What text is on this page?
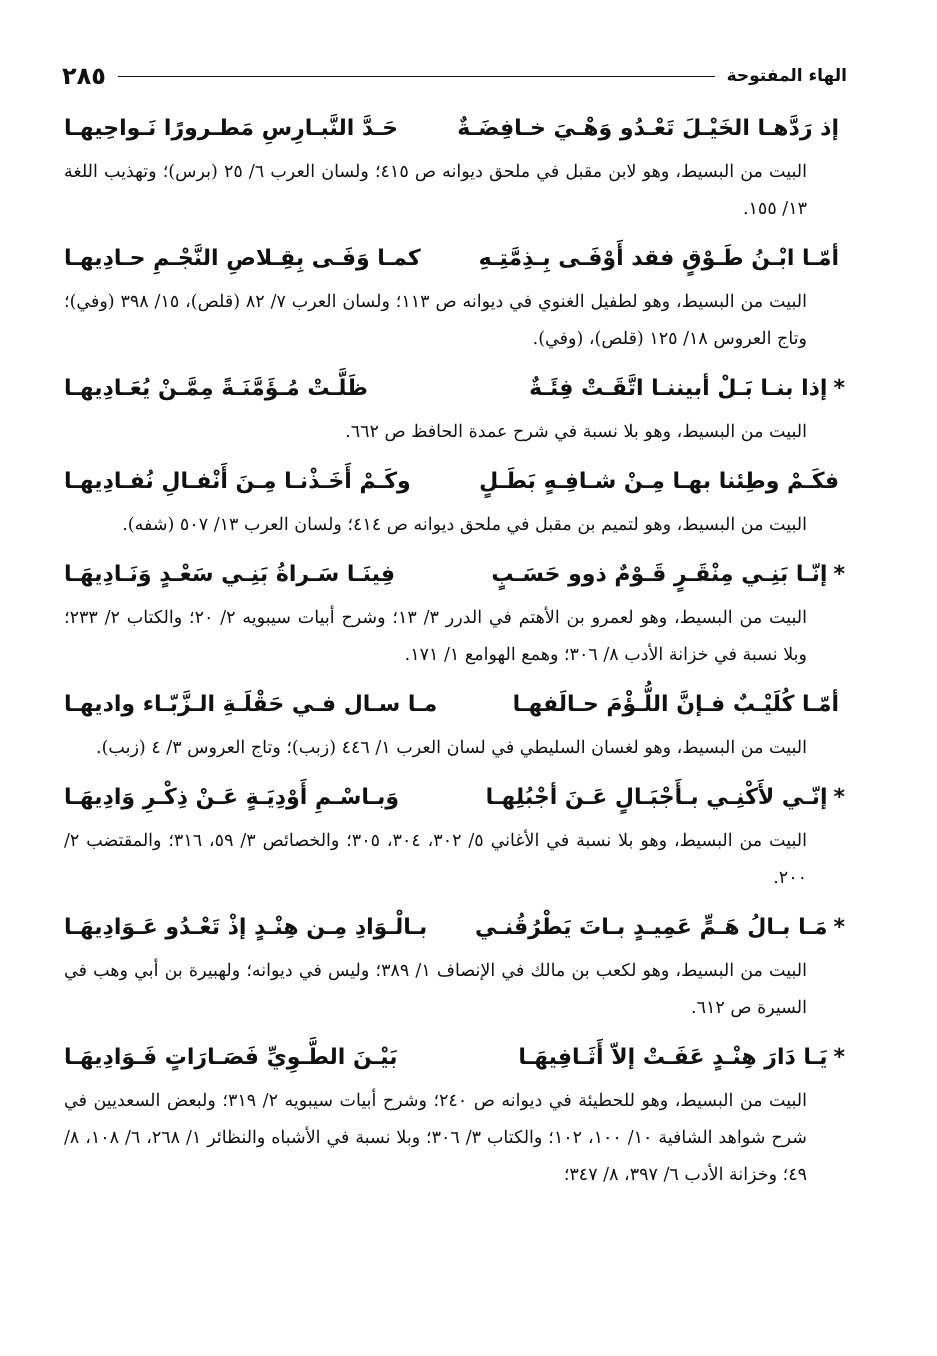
الهاء المفتوحة
٢٨٥
إذ رَدَّهـا الخَيْـلَ تَعْـدُو وَهْـيَ خـافِضَـةٌ
حَـدَّ النَّبـارِسِ مَطـرورًا نَـواحِيهـا
البيت من البسيط، وهو لابن مقبل في ملحق ديوانه ص ٤١٥؛ ولسان العرب ٦/ ٢٥ (برس)؛ وتهذيب اللغة ١٣/ ١٥٥.
أمّـا ابْـنُ طَـوْقٍ فقد أَوْفَـى بِـذِمَّتِـهِ
كمـا وَفَـى بِقِـلاصِ النَّجْـمِ حـادِيهـا
البيت من البسيط، وهو لطفيل الغنوي في ديوانه ص ١١٣؛ ولسان العرب ٧/ ٨٢ (قلص)، ١٥/ ٣٩٨ (وفي)؛ وتاج العروس ١٨/ ١٢٥ (قلص)، (وفي).
*
إذا بنـا بَـلْ أبيننـا اتَّقَـتْ فِئَـةٌ
ظَلَّـتْ مُـؤَمَّنَـةً مِمَّـنْ يُعَـادِيهـا
البيت من البسيط، وهو بلا نسبة في شرح عمدة الحافظ ص ٦٦٢.
فكَـمْ وطِئنا بهـا مِـنْ شـافِـهٍ بَطَـلٍ
وكَـمْ أَخَـذْنـا مِـنَ أَنْفـالِ نُفـادِيهـا
البيت من البسيط، وهو لتميم بن مقبل في ملحق ديوانه ص ٤١٤؛ ولسان العرب ١٣/ ٥٠٧ (شفه).
*
إنّـا بَنِـي مِنْقَـرٍ قَـوْمٌ ذوو حَسَـبٍ
فِينَـا سَـراةُ بَنِـي سَعْـدٍ وَنَـادِيهَـا
البيت من البسيط، وهو لعمرو بن الأهتم في الدرر ٣/ ١٣؛ وشرح أبيات سيبويه ٢/ ٢٠؛ والكتاب ٢/ ٢٣٣؛ وبلا نسبة في خزانة الأدب ٨/ ٣٠٦؛ وهمع الهوامع ١/ ١٧١.
أمّـا كُلَيْـبٌ فـإنَّ اللُّـؤْمَ حـالَفهـا
مـا سـال فـي حَقْلَـةِ الـزَّبّـاء واديهـا
البيت من البسيط، وهو لغسان السليطي في لسان العرب ١/ ٤٤٦ (زبب)؛ وتاج العروس ٣/ ٤ (زبب).
*
إنّـي لأَكْنِـي بـأَجْبَـالٍ عَـنَ أجْبُلِهـا
وَبـاسْـمِ أَوْدِيَـةٍ عَـنْ ذِكْـرِ وَادِيهَـا
البيت من البسيط، وهو بلا نسبة في الأغاني ٥/ ٣٠٢، ٣٠٤، ٣٠٥؛ والخصائص ٣/ ٥٩، ٣١٦؛ والمقتضب ٢/ ٢٠٠.
*
مَـا بـالُ هَـمٍّ عَمِيـدٍ بـاتَ يَطْرُقُنـي
بـالْـوَادِ مِـن هِنْـدٍ إذْ تَعْـدُو عَـوَادِيهَـا
البيت من البسيط، وهو لكعب بن مالك في الإنصاف ١/ ٣٨٩؛ وليس في ديوانه؛ ولهبيرة بن أبي وهب في السيرة ص ٦١٢.
*
يَـا دَارَ هِنْـدٍ عَفَـتْ إلاّ أَثَـافِيهَـا
بَيْـنَ الطَّـوِيِّ فَصَـارَاتٍ فَـوَادِيهَـا
البيت من البسيط، وهو للحطيئة في ديوانه ص ٢٤٠؛ وشرح أبيات سيبويه ٢/ ٣١٩؛ ولبعض السعديين في شرح شواهد الشافية ١٠/ ١٠٠، ١٠٢؛ والكتاب ٣/ ٣٠٦؛ وبلا نسبة في الأشباه والنظائر ١/ ٢٦٨، ٦/ ١٠٨، ٨/ ٤٩؛ وخزانة الأدب ٦/ ٣٩٧، ٨/ ٣٤٧؛
